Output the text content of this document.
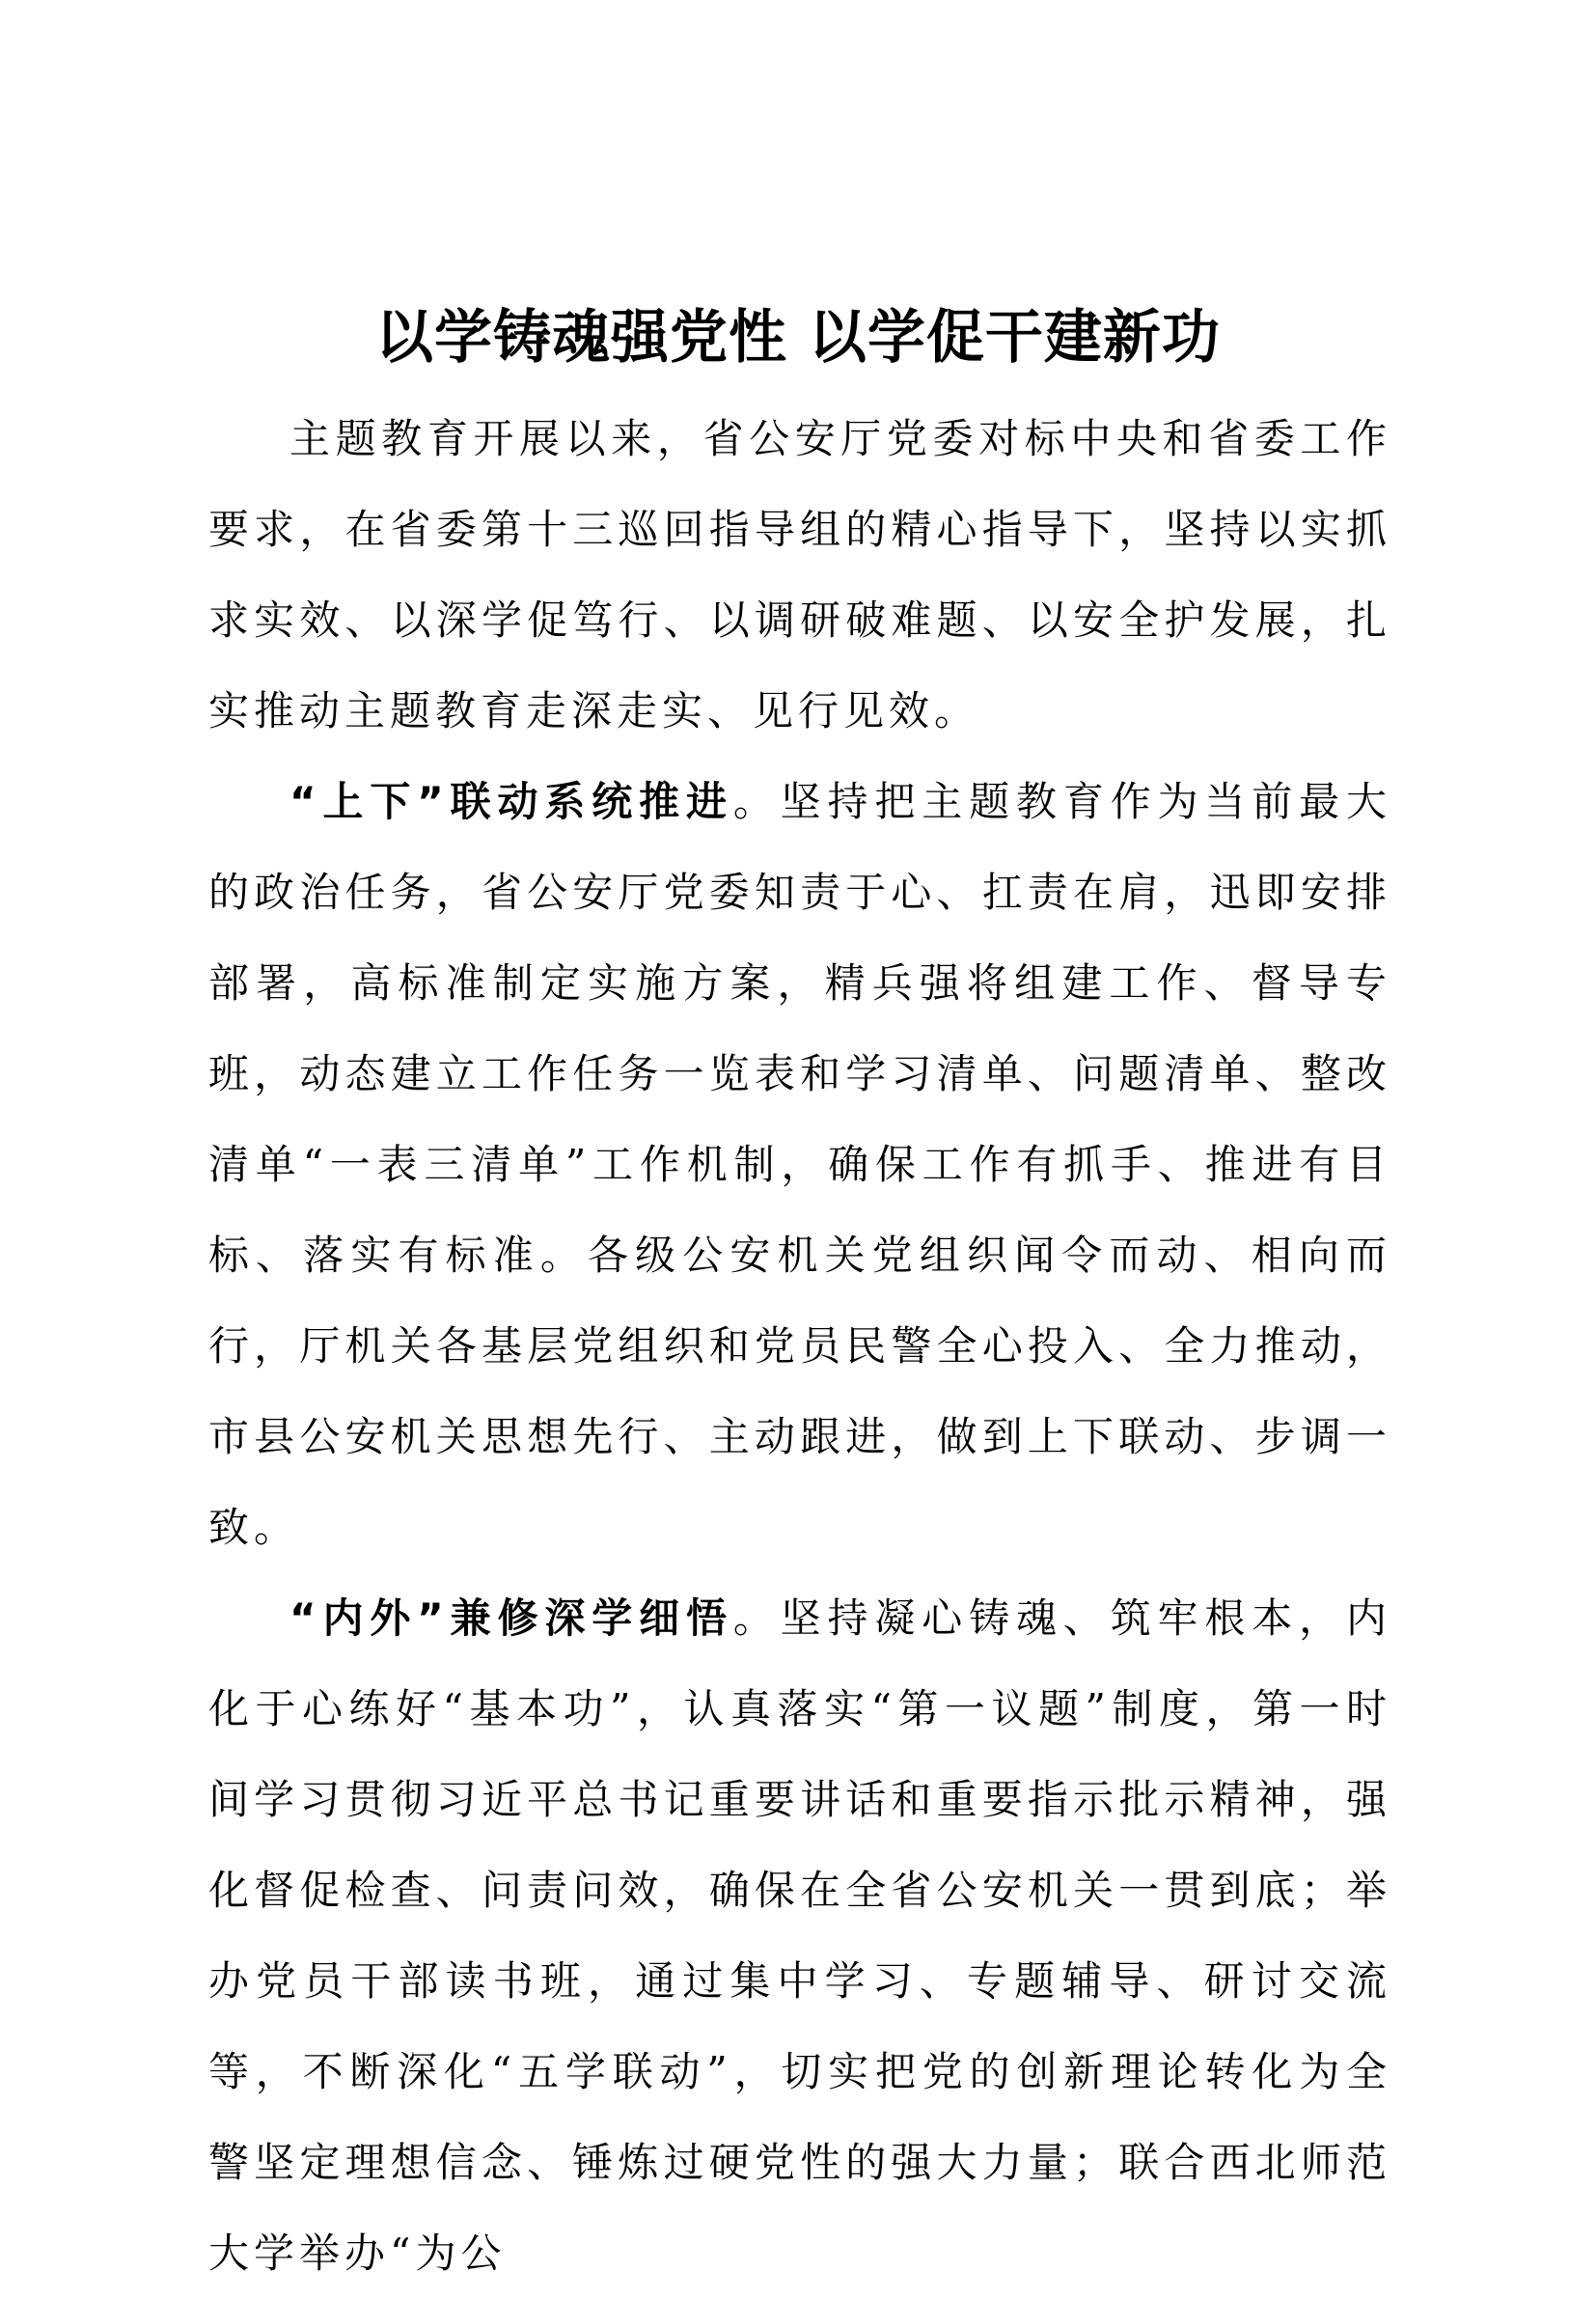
以学铸魂强党性 以学促干建新功

主题教育开展以来，省公安厅党委对标中央和省委工作要求，在省委第十三巡回指导组的精心指导下，坚持以实抓求实效、以深学促笃行、以调研破难题、以安全护发展，扎实推动主题教育走深走实、见行见效。

“上下”联动系统推进。坚持把主题教育作为当前最大的政治任务，省公安厅党委知责于心、扛责在肩，迅即安排部署，高标准制定实施方案，精兵强将组建工作、督导专班，动态建立工作任务一览表和学习清单、问题清单、整改清单“一表三清单”工作机制，确保工作有抓手、推进有目标、落实有标准。各级公安机关党组织闻令而动、相向而行，厅机关各基层党组织和党员民警全心投入、全力推动，市县公安机关思想先行、主动跟进，做到上下联动、步调一致。

“内外”兼修深学细悟。坚持凝心铸魂、筑牢根本，内化于心练好“基本功”，认真落实“第一议题”制度，第一时间学习贯彻习近平总书记重要讲话和重要指示批示精神，强化督促检查、问责问效，确保在全省公安机关一贯到底；举办党员干部读书班，通过集中学习、专题辅导、研讨交流等，不断深化“五学联动”，切实把党的创新理论转化为全警坚定理想信念、锤炼过硬党性的强大力量；联合西北师范大学举办“为公
